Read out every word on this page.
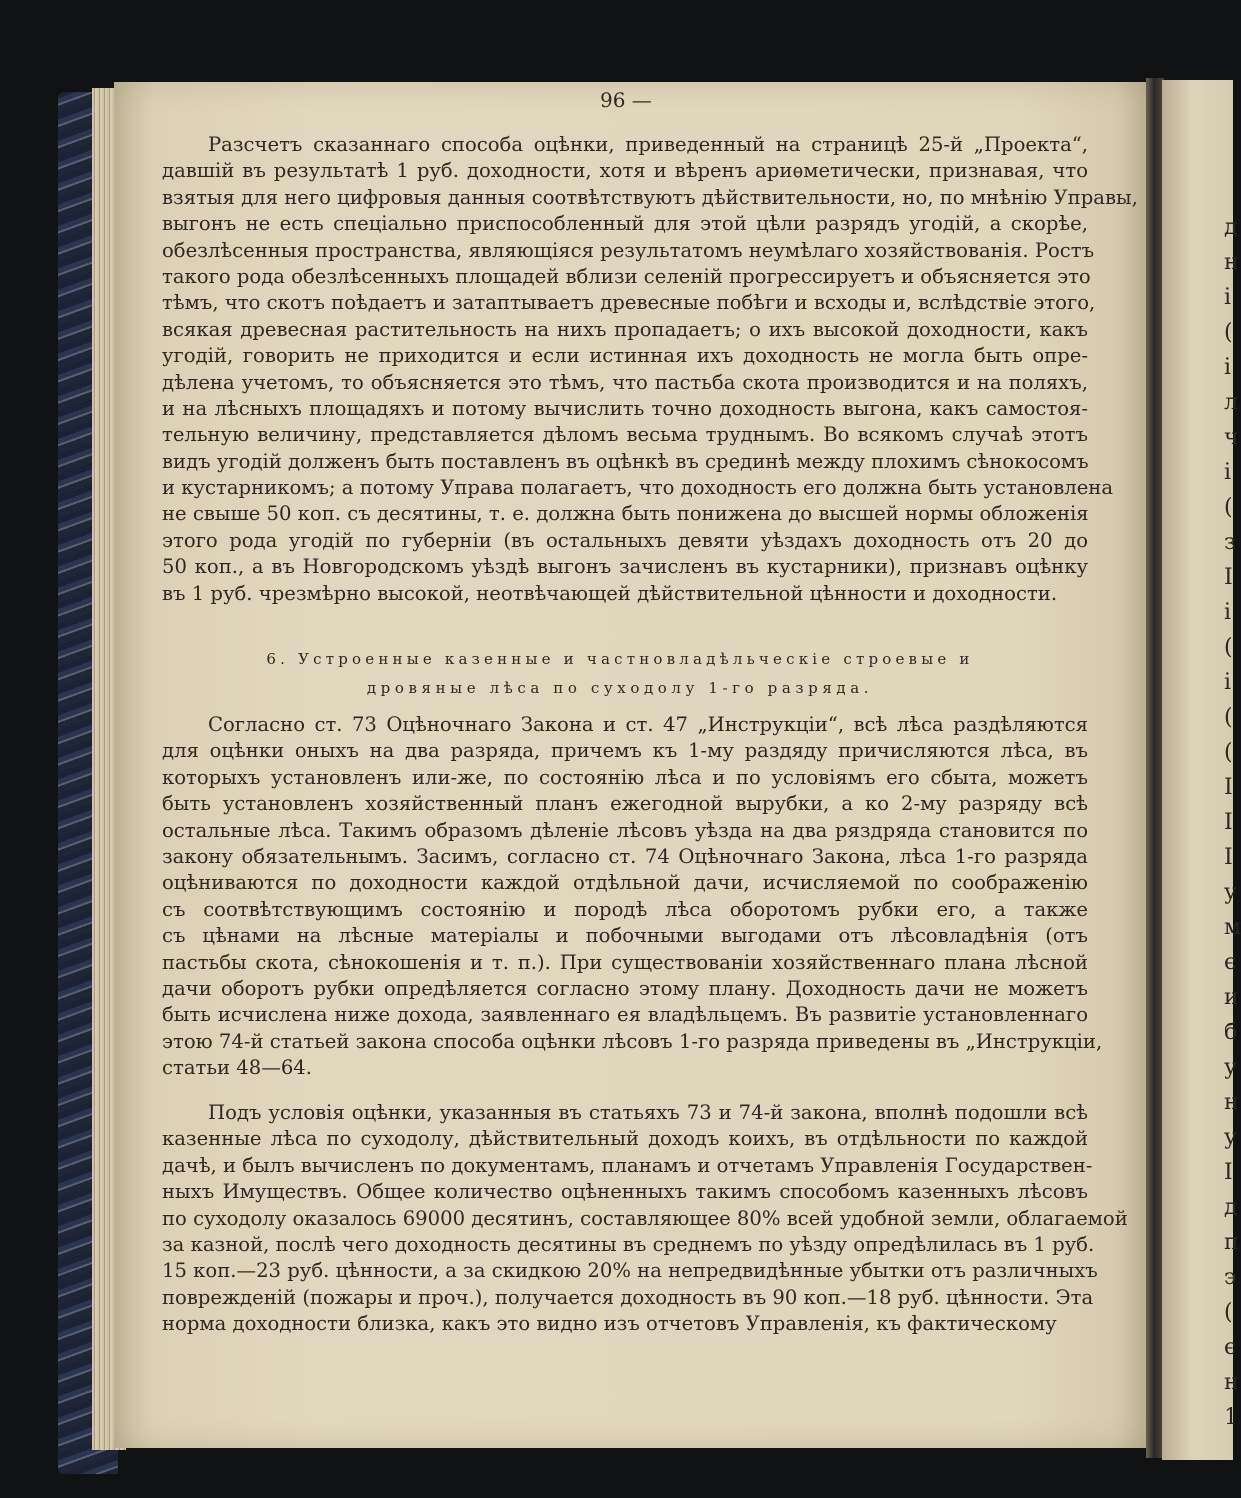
д
н
і
(
і
л
ч
і
(
з
І
і
(
і
(
(
І
І
І
у
м
є
и
б
у
н
у
І
д
п
э
(
є
н
1
96 —
Разсчетъ сказаннаго способа оцѣнки, приведенный на страницѣ 25-й „Проекта“,
давшій въ результатѣ 1 руб. доходности, хотя и вѣренъ ариѳметически, признавая, что
взятыя для него цифровыя данныя соотвѣтствуютъ дѣйствительности, но, по мнѣнію Управы,
выгонъ не есть спеціально приспособленный для этой цѣли разрядъ угодій, а скорѣе,
обезлѣсенныя пространства, являющіяся результатомъ неумѣлаго хозяйствованія. Ростъ
такого рода обезлѣсенныхъ площадей вблизи селеній прогрессируетъ и объясняется это
тѣмъ, что скотъ поѣдаетъ и затаптываетъ древесные побѣги и всходы и, вслѣдствіе этого,
всякая древесная растительность на нихъ пропадаетъ; о ихъ высокой доходности, какъ
угодій, говорить не приходится и если истинная ихъ доходность не могла быть опре-
дѣлена учетомъ, то объясняется это тѣмъ, что пастьба скота производится и на поляхъ,
и на лѣсныхъ площадяхъ и потому вычислить точно доходность выгона, какъ самостоя-
тельную величину, представляется дѣломъ весьма труднымъ. Во всякомъ случаѣ этотъ
видъ угодій долженъ быть поставленъ въ оцѣнкѣ въ срединѣ между плохимъ сѣнокосомъ
и кустарникомъ; а потому Управа полагаетъ, что доходность его должна быть установлена
не свыше 50 коп. съ десятины, т. е. должна быть понижена до высшей нормы обложенія
этого рода угодій по губерніи (въ остальныхъ девяти уѣздахъ доходность отъ 20 до
50 коп., а въ Новгородскомъ уѣздѣ выгонъ зачисленъ въ кустарники), признавъ оцѣнку
въ 1 руб. чрезмѣрно высокой, неотвѣчающей дѣйствительной цѣнности и доходности.
6. Устроенные казенные и частновладѣльческіе строевые и
дровяные лѣса по суходолу 1-го разряда.
Согласно ст. 73 Оцѣночнаго Закона и ст. 47 „Инструкціи“, всѣ лѣса раздѣляются
для оцѣнки оныхъ на два разряда, причемъ къ 1-му раздяду причисляются лѣса, въ
которыхъ установленъ или-же, по состоянію лѣса и по условіямъ его сбыта, можетъ
быть установленъ хозяйственный планъ ежегодной вырубки, а ко 2-му разряду всѣ
остальные лѣса. Такимъ образомъ дѣленіе лѣсовъ уѣзда на два ряздряда становится по
закону обязательнымъ. Засимъ, согласно ст. 74 Оцѣночнаго Закона, лѣса 1-го разряда
оцѣниваются по доходности каждой отдѣльной дачи, исчисляемой по соображенію
съ соотвѣтствующимъ состоянію и породѣ лѣса оборотомъ рубки его, а также
съ цѣнами на лѣсные матеріалы и побочными выгодами отъ лѣсовладѣнія (отъ
пастьбы скота, сѣнокошенія и т. п.). При существованіи хозяйственнаго плана лѣсной
дачи оборотъ рубки опредѣляется согласно этому плану. Доходность дачи не можетъ
быть исчислена ниже дохода, заявленнаго ея владѣльцемъ. Въ развитіе установленнаго
этою 74-й статьей закона способа оцѣнки лѣсовъ 1-го разряда приведены въ „Инструкціи,
статьи 48—64.
Подъ условія оцѣнки, указанныя въ статьяхъ 73 и 74-й закона, вполнѣ подошли всѣ
казенные лѣса по суходолу, дѣйствительный доходъ коихъ, въ отдѣльности по каждой
дачѣ, и былъ вычисленъ по документамъ, планамъ и отчетамъ Управленія Государствен-
ныхъ Имуществъ. Общее количество оцѣненныхъ такимъ способомъ казенныхъ лѣсовъ
по суходолу оказалось 69000 десятинъ, составляющее 80% всей удобной земли, облагаемой
за казной, послѣ чего доходность десятины въ среднемъ по уѣзду опредѣлилась въ 1 руб.
15 коп.—23 руб. цѣнности, а за скидкою 20% на непредвидѣнные убытки отъ различныхъ
поврежденій (пожары и проч.), получается доходность въ 90 коп.—18 руб. цѣнности. Эта
норма доходности близка, какъ это видно изъ отчетовъ Управленія, къ фактическому
